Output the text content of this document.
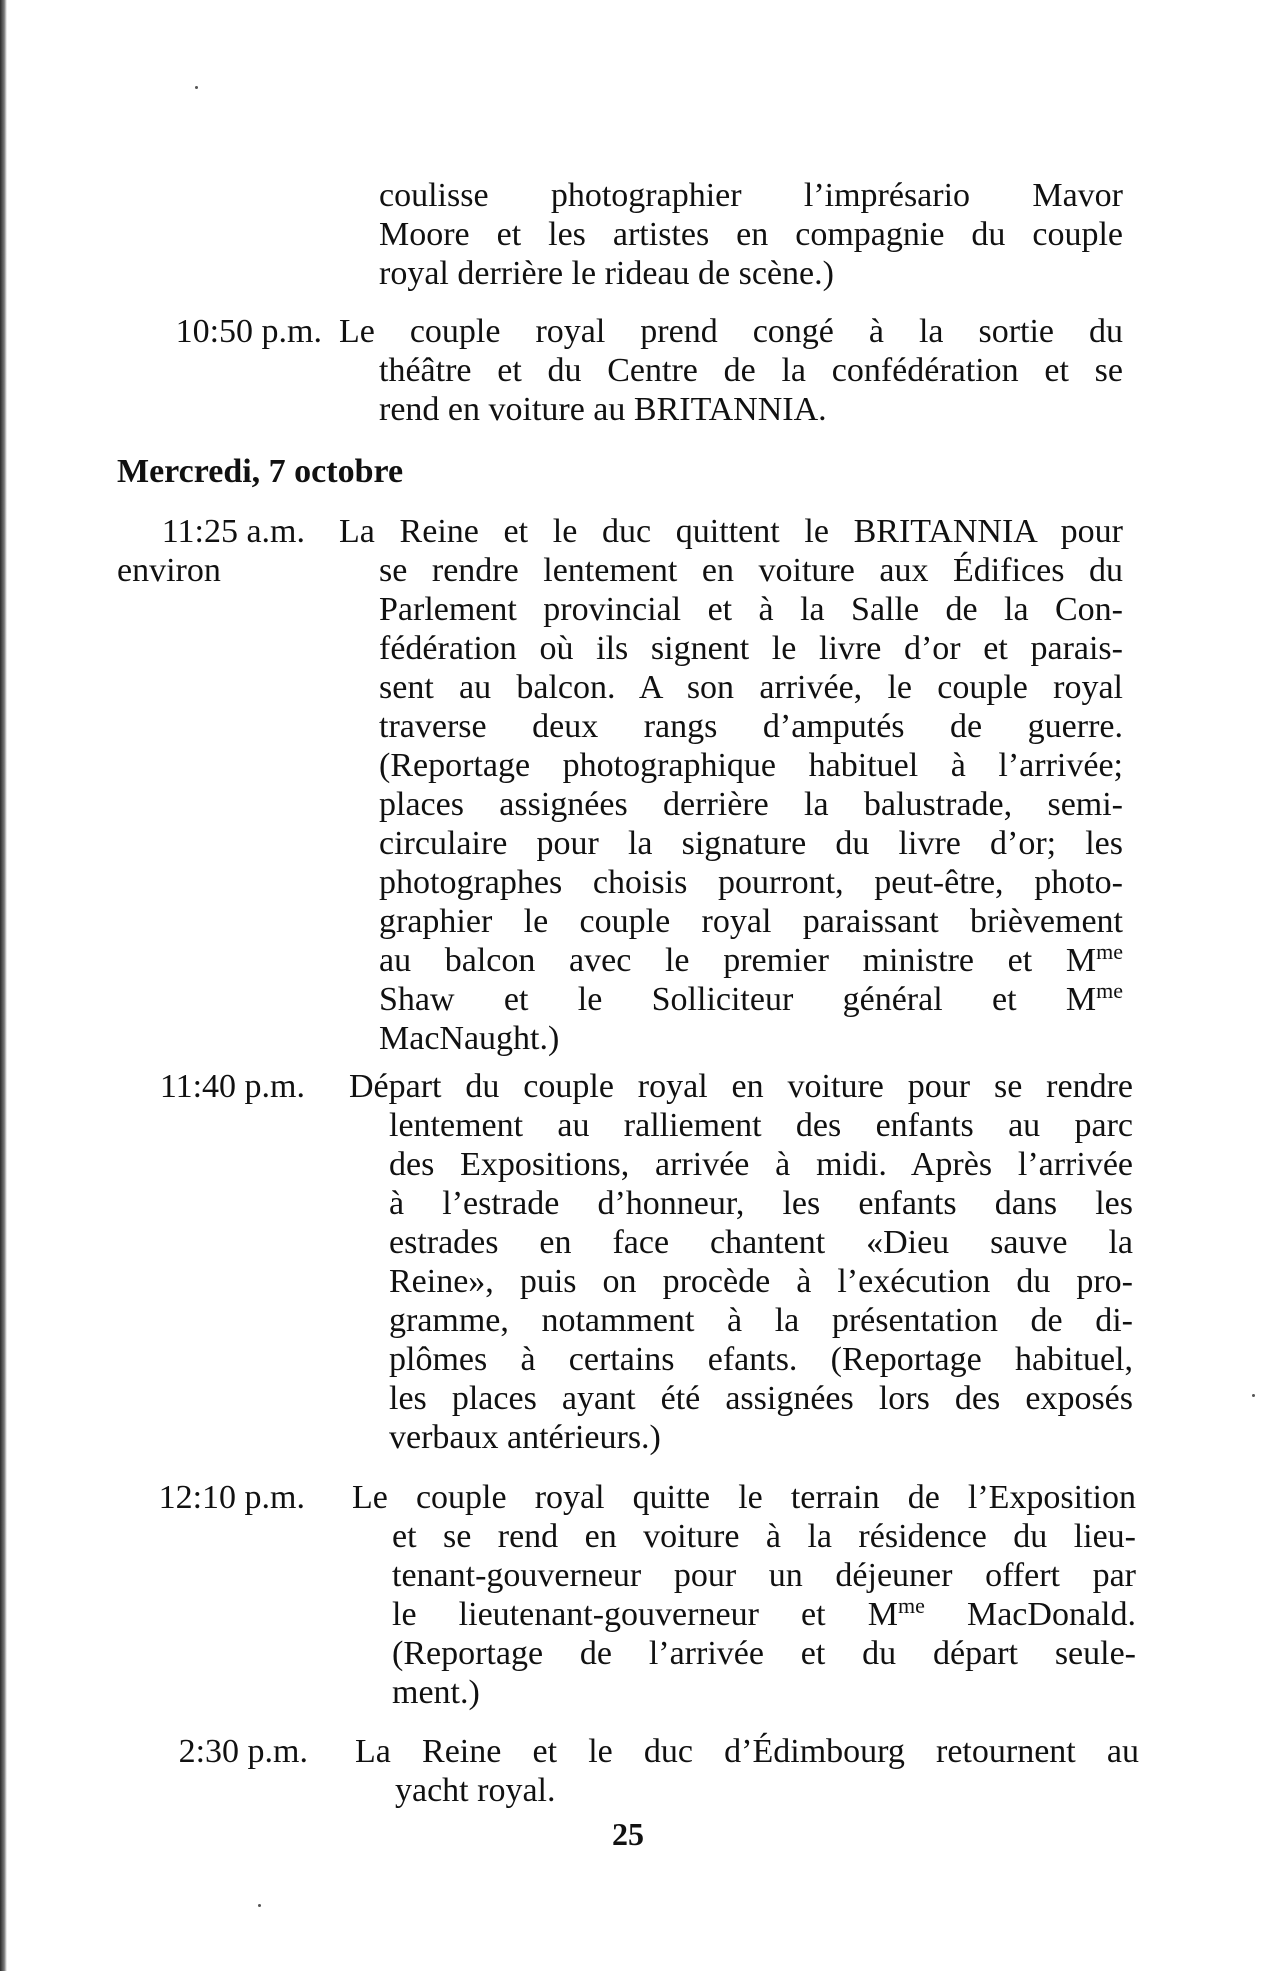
coulisse photographier l’imprésario Mavor
Moore et les artistes en compagnie du couple
royal derrière le rideau de scène.)
10:50 p.m. Le couple royal prend congé à la sortie du
théâtre et du Centre de la confédération et se
rend en voiture au BRITANNIA.
Mercredi, 7 octobre
11:25 a.m.
environ
La Reine et le duc quittent le BRITANNIA pour
se rendre lentement en voiture aux Édifices du
Parlement provincial et à la Salle de la Con-
fédération où ils signent le livre d’or et parais-
sent au balcon. A son arrivée, le couple royal
traverse deux rangs d’amputés de guerre.
(Reportage photographique habituel à l’arrivée;
places assignées derrière la balustrade, semi-
circulaire pour la signature du livre d’or; les
photographes choisis pourront, peut-être, photo-
graphier le couple royal paraissant brièvement
au balcon avec le premier ministre et $M^{me}$
Shaw et le Solliciteur général et $M^{me}$
MacNaught.)
11:40 p.m. Départ du couple royal en voiture pour se rendre
lentement au ralliement des enfants au parc
des Expositions, arrivée à midi. Après l’arrivée
à l’estrade d’honneur, les enfants dans les
estrades en face chantent «Dieu sauve la
Reine», puis on procède à l’exécution du pro-
gramme, notamment à la présentation de di-
plômes à certains efants. (Reportage habituel,
les places ayant été assignées lors des exposés
verbaux antérieurs.)
12:10 p.m. Le couple royal quitte le terrain de l’Exposition
et se rend en voiture à la résidence du lieu-
tenant-gouverneur pour un déjeuner offert par
le lieutenant-gouverneur et $M^{me}$ MacDonald.
(Reportage de l’arrivée et du départ seule-
ment.)
2:30 p.m. La Reine et le duc d’Édimbourg retournent au
yacht royal.
25
